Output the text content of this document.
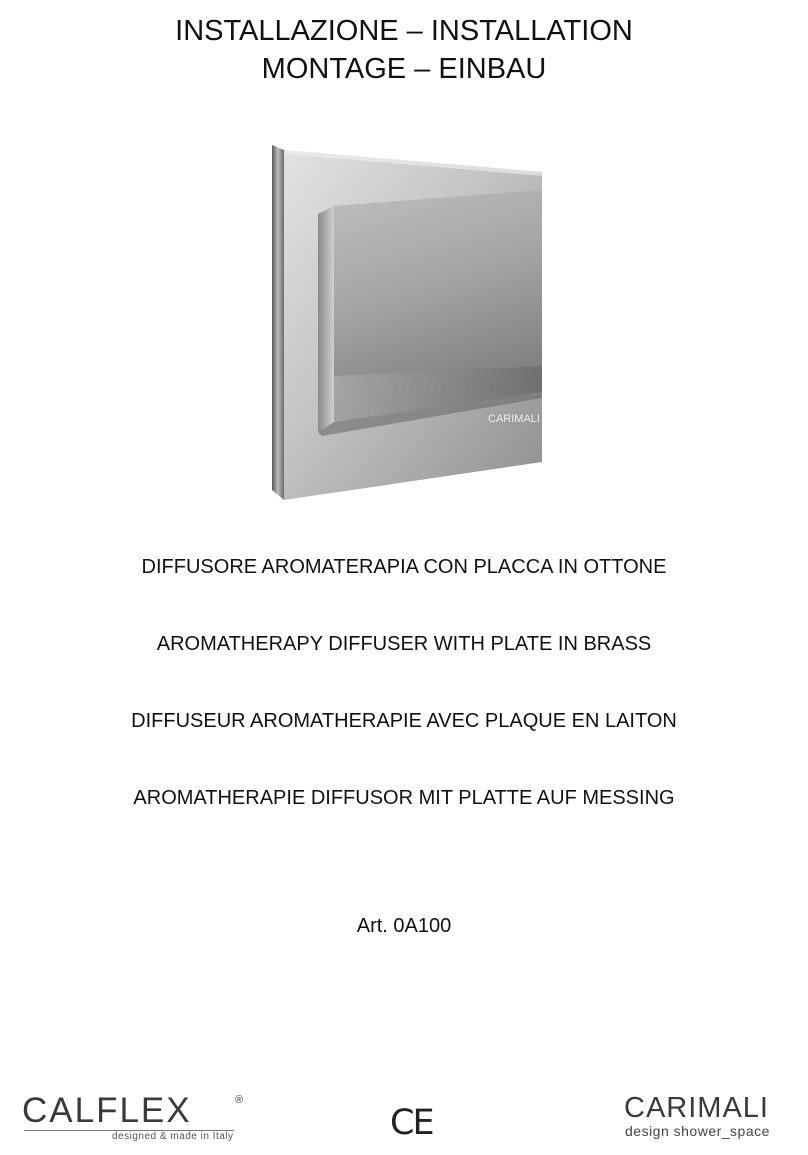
INSTALLAZIONE – INSTALLATION
MONTAGE – EINBAU
CARIMALI
DIFFUSORE AROMATERAPIA CON PLACCA IN OTTONE
AROMATHERAPY DIFFUSER WITH PLATE IN BRASS
DIFFUSEUR AROMATHERAPIE AVEC PLAQUE EN LAITON
AROMATHERAPIE DIFFUSOR MIT PLATTE AUF MESSING
Art. 0A100
CALFLEX	®
designed & made in Italy	CE	CARIMALI
design shower_space
